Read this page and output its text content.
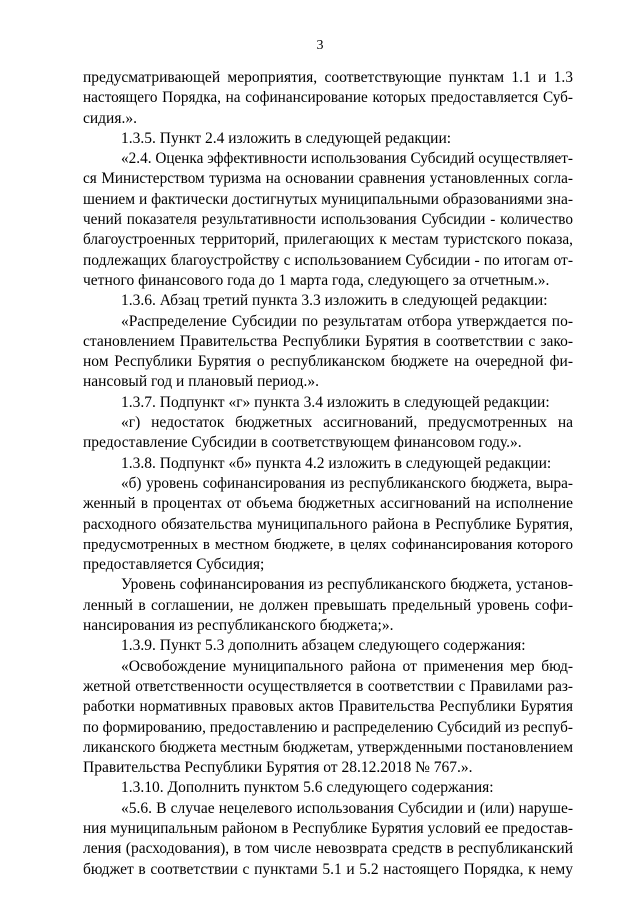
3
предусматривающей мероприятия, соответствующие пунктам 1.1 и 1.3
настоящего Порядка, на софинансирование которых предоставляется Суб-
сидия.».
1.3.5. Пункт 2.4 изложить в следующей редакции:
«2.4. Оценка эффективности использования Субсидий осуществляет-
ся Министерством туризма на основании сравнения установленных согла-
шением и фактически достигнутых муниципальными образованиями зна-
чений показателя результативности использования Субсидии - количество
благоустроенных территорий, прилегающих к местам туристского показа,
подлежащих благоустройству с использованием Субсидии - по итогам от-
четного финансового года до 1 марта года, следующего за отчетным.».
1.3.6. Абзац третий пункта 3.3 изложить в следующей редакции:
«Распределение Субсидии по результатам отбора утверждается по-
становлением Правительства Республики Бурятия в соответствии с зако-
ном Республики Бурятия о республиканском бюджете на очередной фи-
нансовый год и плановый период.».
1.3.7. Подпункт «г» пункта 3.4 изложить в следующей редакции:
«г) недостаток бюджетных ассигнований, предусмотренных на
предоставление Субсидии в соответствующем финансовом году.».
1.3.8. Подпункт «б» пункта 4.2 изложить в следующей редакции:
«б) уровень софинансирования из республиканского бюджета, выра-
женный в процентах от объема бюджетных ассигнований на исполнение
расходного обязательства муниципального района в Республике Бурятия,
предусмотренных в местном бюджете, в целях софинансирования которого
предоставляется Субсидия;
Уровень софинансирования из республиканского бюджета, установ-
ленный в соглашении, не должен превышать предельный уровень софи-
нансирования из республиканского бюджета;».
1.3.9. Пункт 5.3 дополнить абзацем следующего содержания:
«Освобождение муниципального района от применения мер бюд-
жетной ответственности осуществляется в соответствии с Правилами раз-
работки нормативных правовых актов Правительства Республики Бурятия
по формированию, предоставлению и распределению Субсидий из респуб-
ликанского бюджета местным бюджетам, утвержденными постановлением
Правительства Республики Бурятия от 28.12.2018 № 767.».
1.3.10. Дополнить пунктом 5.6 следующего содержания:
«5.6. В случае нецелевого использования Субсидии и (или) наруше-
ния муниципальным районом в Республике Бурятия условий ее предостав-
ления (расходования), в том числе невозврата средств в республиканский
бюджет в соответствии с пунктами 5.1 и 5.2 настоящего Порядка, к нему
